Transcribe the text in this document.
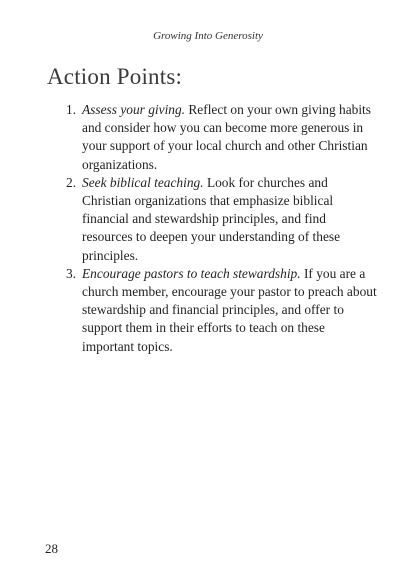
Growing Into Generosity
Action Points:
1. Assess your giving. Reflect on your own giving habits and consider how you can become more generous in your support of your local church and other Christian organizations.
2. Seek biblical teaching. Look for churches and Christian organizations that emphasize biblical financial and stewardship principles, and find resources to deepen your understanding of these principles.
3. Encourage pastors to teach stewardship. If you are a church member, encourage your pastor to preach about stewardship and financial principles, and offer to support them in their efforts to teach on these important topics.
28
